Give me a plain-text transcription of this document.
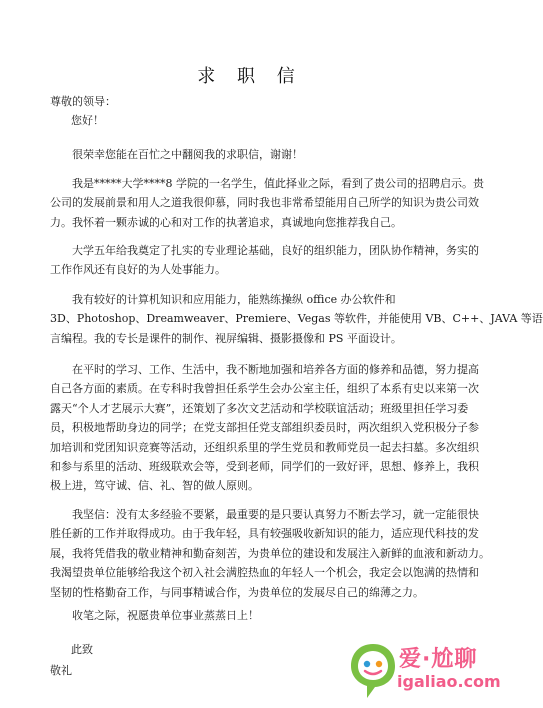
求 职 信
尊敬的领导：
您好！
很荣幸您能在百忙之中翻阅我的求职信，谢谢！
我是*****大学****8 学院的一名学生，值此择业之际，看到了贵公司的招聘启示。贵
公司的发展前景和用人之道我很仰慕，同时我也非常希望能用自己所学的知识为贵公司效
力。我怀着一颗赤诚的心和对工作的执著追求，真诚地向您推荐我自己。
大学五年给我奠定了扎实的专业理论基础，良好的组织能力，团队协作精神，务实的
工作作风还有良好的为人处事能力。
我有较好的计算机知识和应用能力，能熟练操纵 office 办公软件和
3D、Photoshop、Dreamweaver、Premiere、Vegas 等软件，并能使用 VB、C++、JAVA 等语
言编程。我的专长是课件的制作、视屏编辑、摄影摄像和 PS 平面设计。
在平时的学习、工作、生活中，我不断地加强和培养各方面的修养和品德，努力提高
自己各方面的素质。在专科时我曾担任系学生会办公室主任，组织了本系有史以来第一次
露天“个人才艺展示大赛”，还策划了多次文艺活动和学校联谊活动；班级里担任学习委
员，积极地帮助身边的同学；在党支部担任党支部组织委员时，两次组织入党积极分子参
加培训和党团知识竞赛等活动，还组织系里的学生党员和教师党员一起去扫墓。多次组织
和参与系里的活动、班级联欢会等，受到老师，同学们的一致好评，思想、修养上，我积
极上进，笃守诚、信、礼、智的做人原则。
我坚信：没有太多经验不要紧，最重要的是只要认真努力不断去学习，就一定能很快
胜任新的工作并取得成功。由于我年轻，具有较强吸收新知识的能力，适应现代科技的发
展，我将凭借我的敬业精神和勤奋刻苦，为贵单位的建设和发展注入新鲜的血液和新动力。
我渴望贵单位能够给我这个初入社会满腔热血的年轻人一个机会，我定会以饱满的热情和
坚韧的性格勤奋工作，与同事精诚合作，为贵单位的发展尽自己的绵薄之力。
收笔之际，祝愿贵单位事业蒸蒸日上！
此致
敬礼	爱·尬聊
igaliao.com
